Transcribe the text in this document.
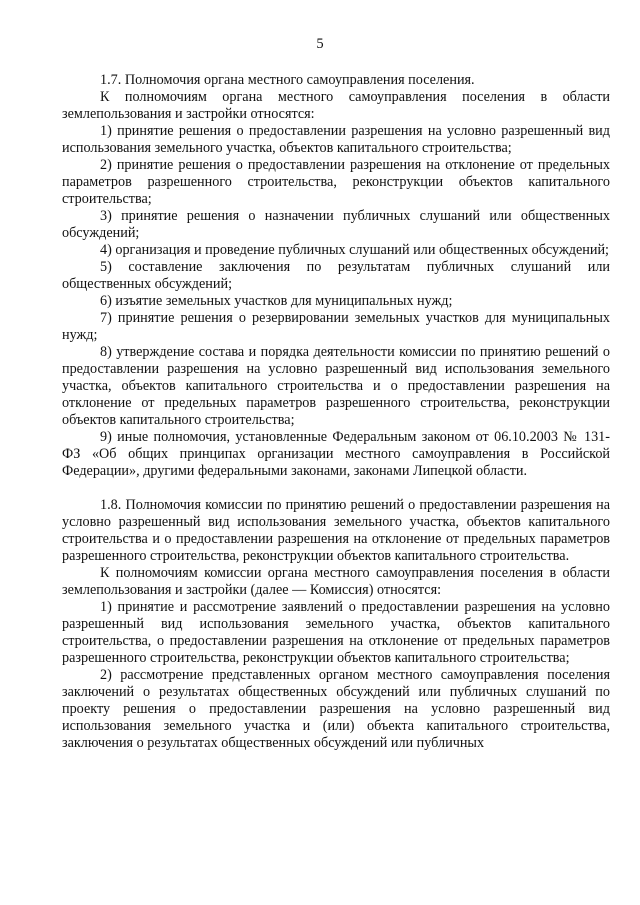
5

1.7. Полномочия органа местного самоуправления поселения.

К полномочиям органа местного самоуправления поселения в области землепользования и застройки относятся:

1) принятие решения о предоставлении разрешения на условно разрешенный вид использования земельного участка, объектов капитального строительства;

2) принятие решения о предоставлении разрешения на отклонение от предельных параметров разрешенного строительства, реконструкции объектов капитального строительства;

3) принятие решения о назначении публичных слушаний или общественных обсуждений;

4) организация и проведение публичных слушаний или общественных обсуждений;

5) составление заключения по результатам публичных слушаний или общественных обсуждений;

6) изъятие земельных участков для муниципальных нужд;

7) принятие решения о резервировании земельных участков для муниципальных нужд;

8) утверждение состава и порядка деятельности комиссии по принятию решений о предоставлении разрешения на условно разрешенный вид использования земельного участка, объектов капитального строительства и о предоставлении разрешения на отклонение от предельных параметров разрешенного строительства, реконструкции объектов капитального строительства;

9) иные полномочия, установленные Федеральным законом от 06.10.2003 № 131-ФЗ «Об общих принципах организации местного самоуправления в Российской Федерации», другими федеральными законами, законами Липецкой области.

1.8. Полномочия комиссии по принятию решений о предоставлении разрешения на условно разрешенный вид использования земельного участка, объектов капитального строительства и о предоставлении разрешения на отклонение от предельных параметров разрешенного строительства, реконструкции объектов капитального строительства.

К полномочиям комиссии органа местного самоуправления поселения в области землепользования и застройки (далее — Комиссия) относятся:

1) принятие и рассмотрение заявлений о предоставлении разрешения на условно разрешенный вид использования земельного участка, объектов капитального строительства, о предоставлении разрешения на отклонение от предельных параметров разрешенного строительства, реконструкции объектов капитального строительства;

2) рассмотрение представленных органом местного самоуправления поселения заключений о результатах общественных обсуждений или публичных слушаний по проекту решения о предоставлении разрешения на условно разрешенный вид использования земельного участка и (или) объекта капитального строительства, заключения о результатах общественных обсуждений или публичных
